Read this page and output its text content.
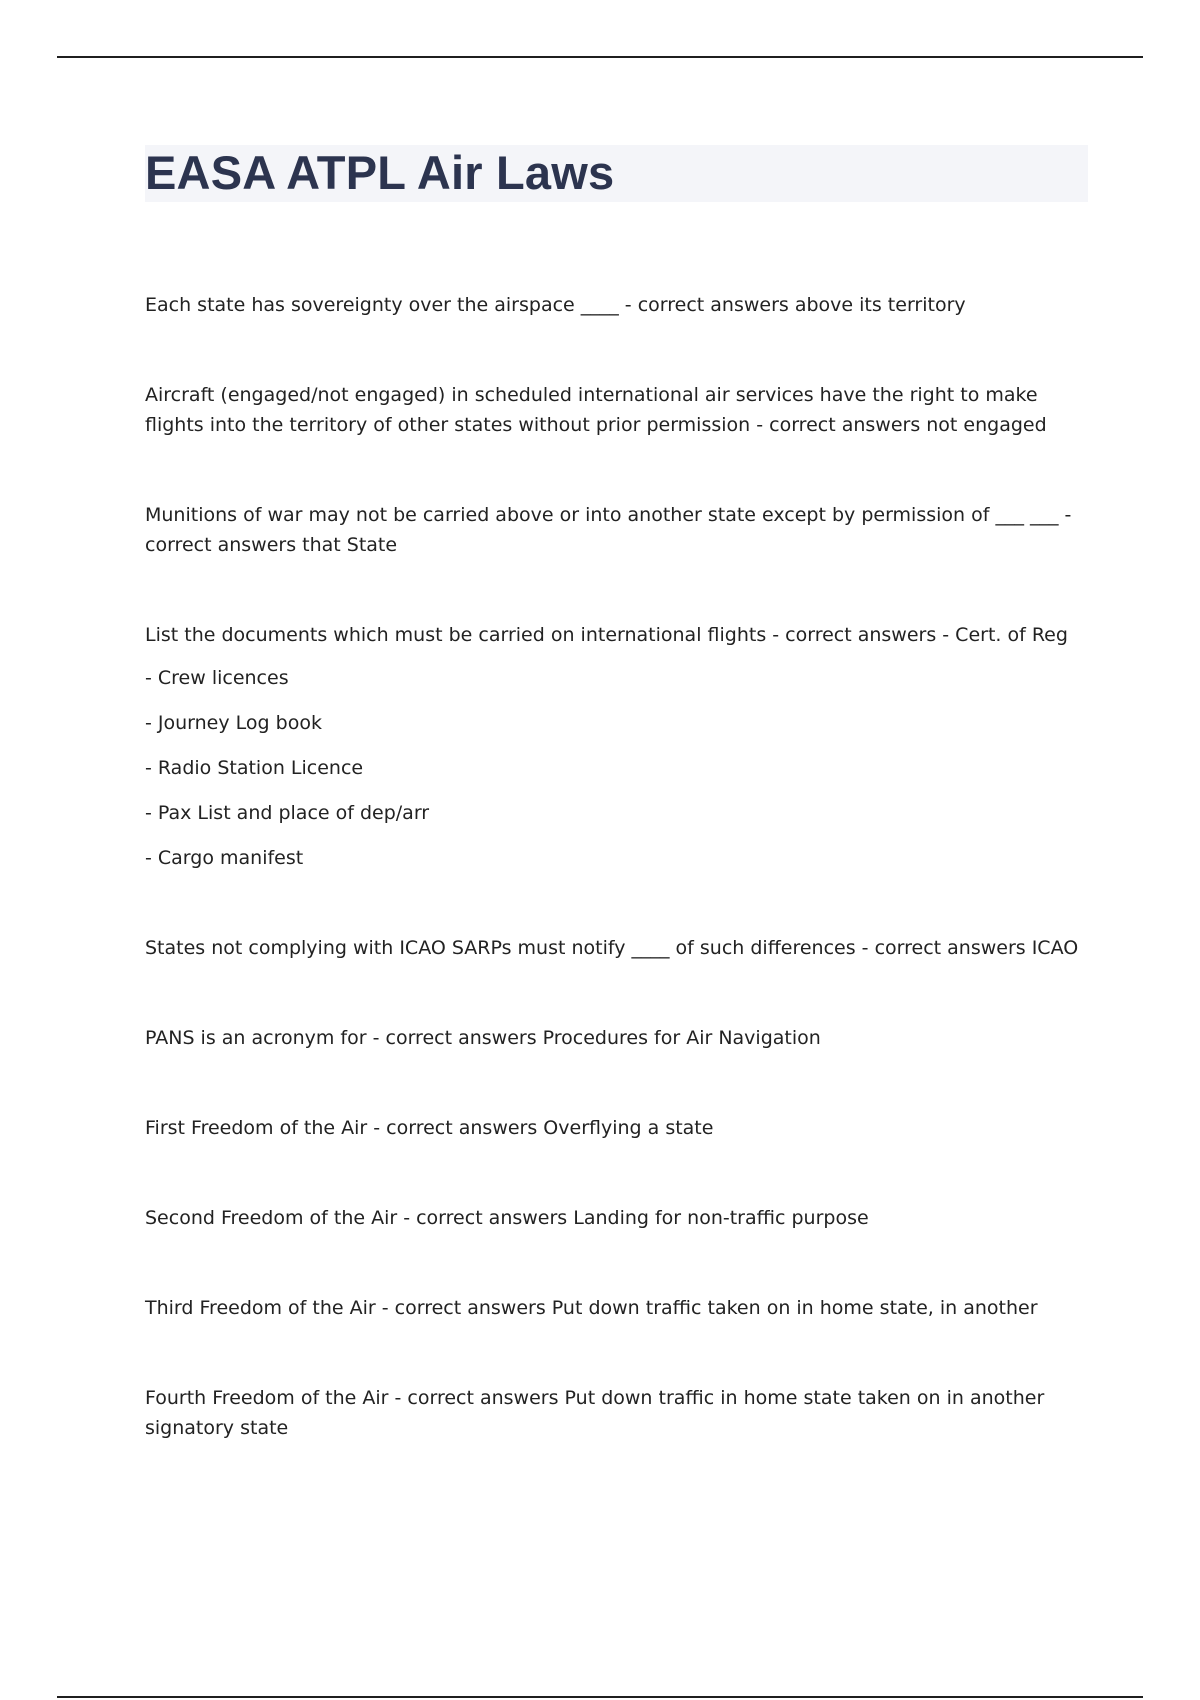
EASA ATPL Air Laws

Each state has sovereignty over the airspace ____ - correct answers above its territory

Aircraft (engaged/not engaged) in scheduled international air services have the right to make flights into the territory of other states without prior permission - correct answers not engaged

Munitions of war may not be carried above or into another state except by permission of ___ ___ - correct answers that State

List the documents which must be carried on international flights - correct answers - Cert. of Reg

- Crew licences
- Journey Log book
- Radio Station Licence
- Pax List and place of dep/arr
- Cargo manifest

States not complying with ICAO SARPs must notify ____ of such differences - correct answers ICAO

PANS is an acronym for - correct answers Procedures for Air Navigation

First Freedom of the Air - correct answers Overflying a state

Second Freedom of the Air - correct answers Landing for non-traffic purpose

Third Freedom of the Air - correct answers Put down traffic taken on in home state, in another

Fourth Freedom of the Air - correct answers Put down traffic in home state taken on in another signatory state
